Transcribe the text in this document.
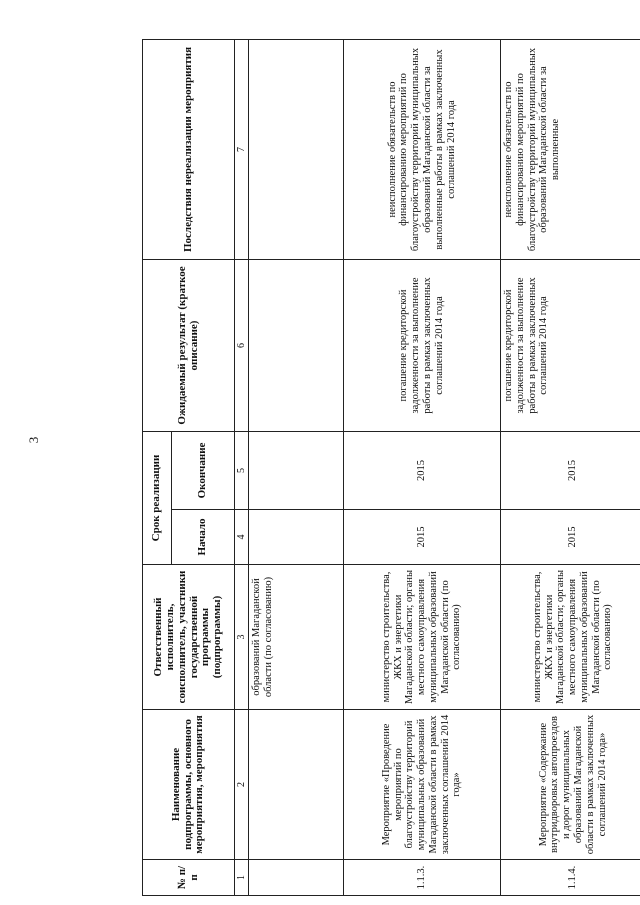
3
№ п/п	Наименование подпрограммы, основного мероприятия, мероприятия	Ответственный исполнитель, соисполнитель, участники государственной программы (подпрограммы)	Срок реализации		Ожидаемый результат (краткое описание)	Последствия нереализации мероприятия
			Начало	Окончание		
1	2	3	4	5	6	7
		образований Магаданской области (по согласованию)				
1.1.3.	Мероприятие «Проведение мероприятий по благоустройству территорий муниципальных образований Магаданской области в рамках заключенных соглашений 2014 года»	министерство строительства, ЖКХ и энергетики Магаданской области; органы местного самоуправления муниципальных образований Магаданской области (по согласованию)	2015	2015	погашение кредиторской задолженности за выполнение работы в рамках заключенных соглашений 2014 года	неисполнение обязательств по финансированию мероприятий по благоустройству территорий муниципальных образований Магаданской области за выполненные работы в рамках заключенных соглашений 2014 года
1.1.4.	Мероприятие «Содержание внутридворовых автопроездов и дорог муниципальных образований Магаданской области в рамках заключенных соглашений 2014 года»	министерство строительства, ЖКХ и энергетики Магаданской области; органы местного самоуправления муниципальных образований Магаданской области (по согласованию)	2015	2015	погашение кредиторской задолженности за выполнение работы в рамках заключенных соглашений 2014 года	неисполнение обязательств по финансированию мероприятий по благоустройству территорий муниципальных образований Магаданской области за выполненные
